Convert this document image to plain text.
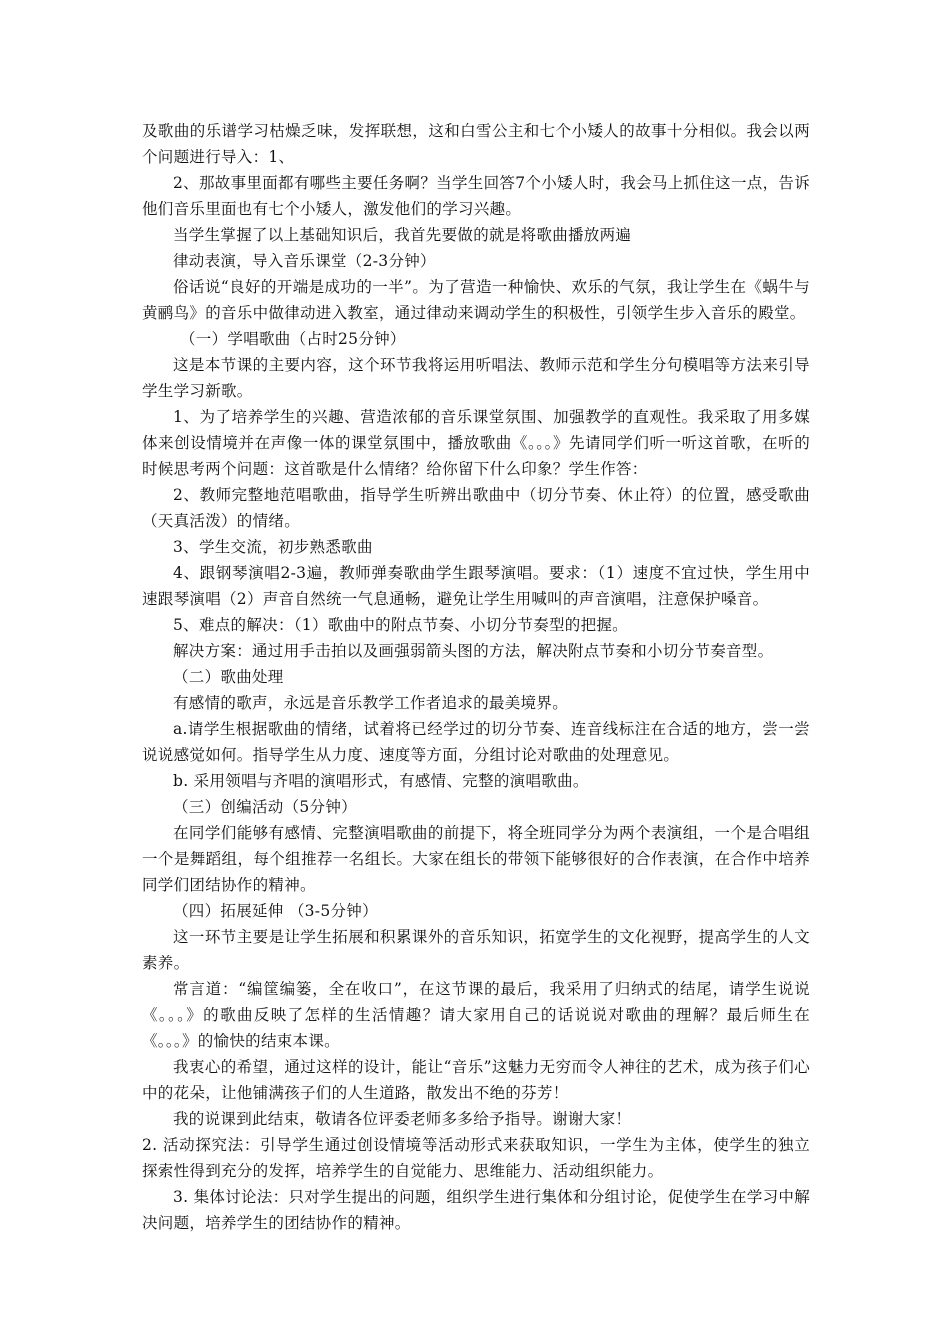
及歌曲的乐谱学习枯燥乏味，发挥联想，这和白雪公主和七个小矮人的故事十分相似。我会以两个问题进行导入：1、

2、那故事里面都有哪些主要任务啊？当学生回答7个小矮人时，我会马上抓住这一点，告诉他们音乐里面也有七个小矮人，激发他们的学习兴趣。

当学生掌握了以上基础知识后，我首先要做的就是将歌曲播放两遍

律动表演，导入音乐课堂（2-3分钟）

俗话说“良好的开端是成功的一半”。为了营造一种愉快、欢乐的气氛，我让学生在《蜗牛与黄鹂鸟》的音乐中做律动进入教室，通过律动来调动学生的积极性，引领学生步入音乐的殿堂。

（一）学唱歌曲（占时25分钟）

这是本节课的主要内容，这个环节我将运用听唱法、教师示范和学生分句模唱等方法来引导学生学习新歌。

1、为了培养学生的兴趣、营造浓郁的音乐课堂氛围、加强教学的直观性。我采取了用多媒体来创设情境并在声像一体的课堂氛围中，播放歌曲《。。。》先请同学们听一听这首歌，在听的时候思考两个问题：这首歌是什么情绪？给你留下什么印象？学生作答：

2、教师完整地范唱歌曲，指导学生听辨出歌曲中（切分节奏、休止符）的位置，感受歌曲（天真活泼）的情绪。

3、学生交流，初步熟悉歌曲

4、跟钢琴演唱2-3遍，教师弹奏歌曲学生跟琴演唱。要求：（1）速度不宜过快，学生用中速跟琴演唱（2）声音自然统一气息通畅，避免让学生用喊叫的声音演唱，注意保护嗓音。

5、难点的解决：（1）歌曲中的附点节奏、小切分节奏型的把握。

解决方案：通过用手击拍以及画强弱箭头图的方法，解决附点节奏和小切分节奏音型。

（二）歌曲处理

有感情的歌声，永远是音乐教学工作者追求的最美境界。

a.请学生根据歌曲的情绪，试着将已经学过的切分节奏、连音线标注在合适的地方，尝一尝说说感觉如何。指导学生从力度、速度等方面，分组讨论对歌曲的处理意见。

b. 采用领唱与齐唱的演唱形式，有感情、完整的演唱歌曲。

（三）创编活动（5分钟）

在同学们能够有感情、完整演唱歌曲的前提下，将全班同学分为两个表演组，一个是合唱组一个是舞蹈组，每个组推荐一名组长。大家在组长的带领下能够很好的合作表演，在合作中培养同学们团结协作的精神。

（四）拓展延伸 （3-5分钟）

这一环节主要是让学生拓展和积累课外的音乐知识，拓宽学生的文化视野，提高学生的人文素养。

常言道：“编筐编篓，全在收口”，在这节课的最后，我采用了归纳式的结尾，请学生说说《。。。》的歌曲反映了怎样的生活情趣？请大家用自己的话说说对歌曲的理解？最后师生在《。。。》的愉快的结束本课。

我衷心的希望，通过这样的设计，能让“音乐”这魅力无穷而令人神往的艺术，成为孩子们心中的花朵，让他铺满孩子们的人生道路，散发出不绝的芬芳！

我的说课到此结束，敬请各位评委老师多多给予指导。谢谢大家！

2. 活动探究法：引导学生通过创设情境等活动形式来获取知识，一学生为主体，使学生的独立探索性得到充分的发挥，培养学生的自觉能力、思维能力、活动组织能力。

3. 集体讨论法：只对学生提出的问题，组织学生进行集体和分组讨论，促使学生在学习中解决问题，培养学生的团结协作的精神。
